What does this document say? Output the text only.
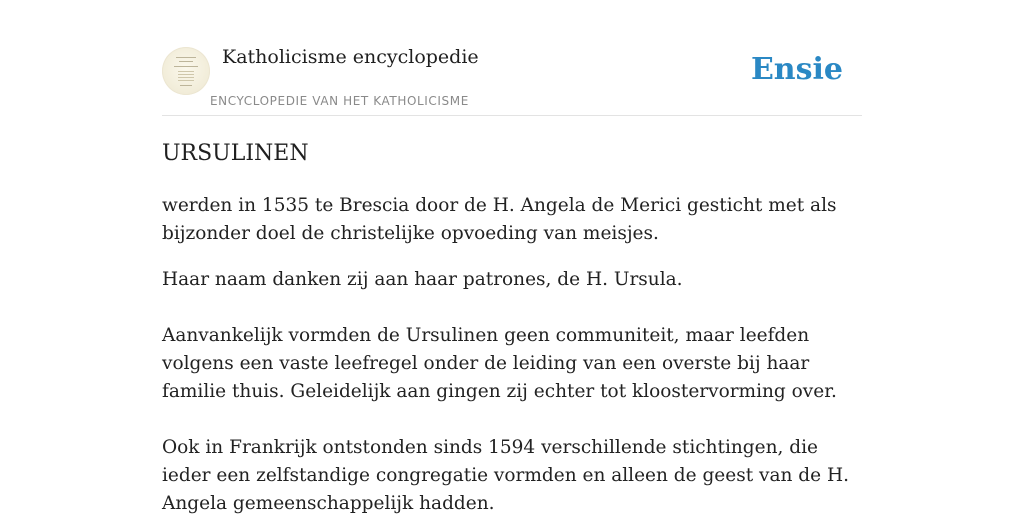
Katholicisme encyclopedie
ENCYCLOPEDIE VAN HET KATHOLICISME
Ensie
URSULINEN

werden in 1535 te Brescia door de H. Angela de Merici gesticht met als bijzonder doel de christelijke opvoeding van meisjes.

Haar naam danken zij aan haar patrones, de H. Ursula.

Aanvankelijk vormden de Ursulinen geen communiteit, maar leefden volgens een vaste leefregel onder de leiding van een overste bij haar familie thuis. Geleidelijk aan gingen zij echter tot kloostervorming over.

Ook in Frankrijk ontstonden sinds 1594 verschillende stichtingen, die ieder een zelfstandige congregatie vormden en alleen de geest van de H. Angela gemeenschappelijk hadden.
